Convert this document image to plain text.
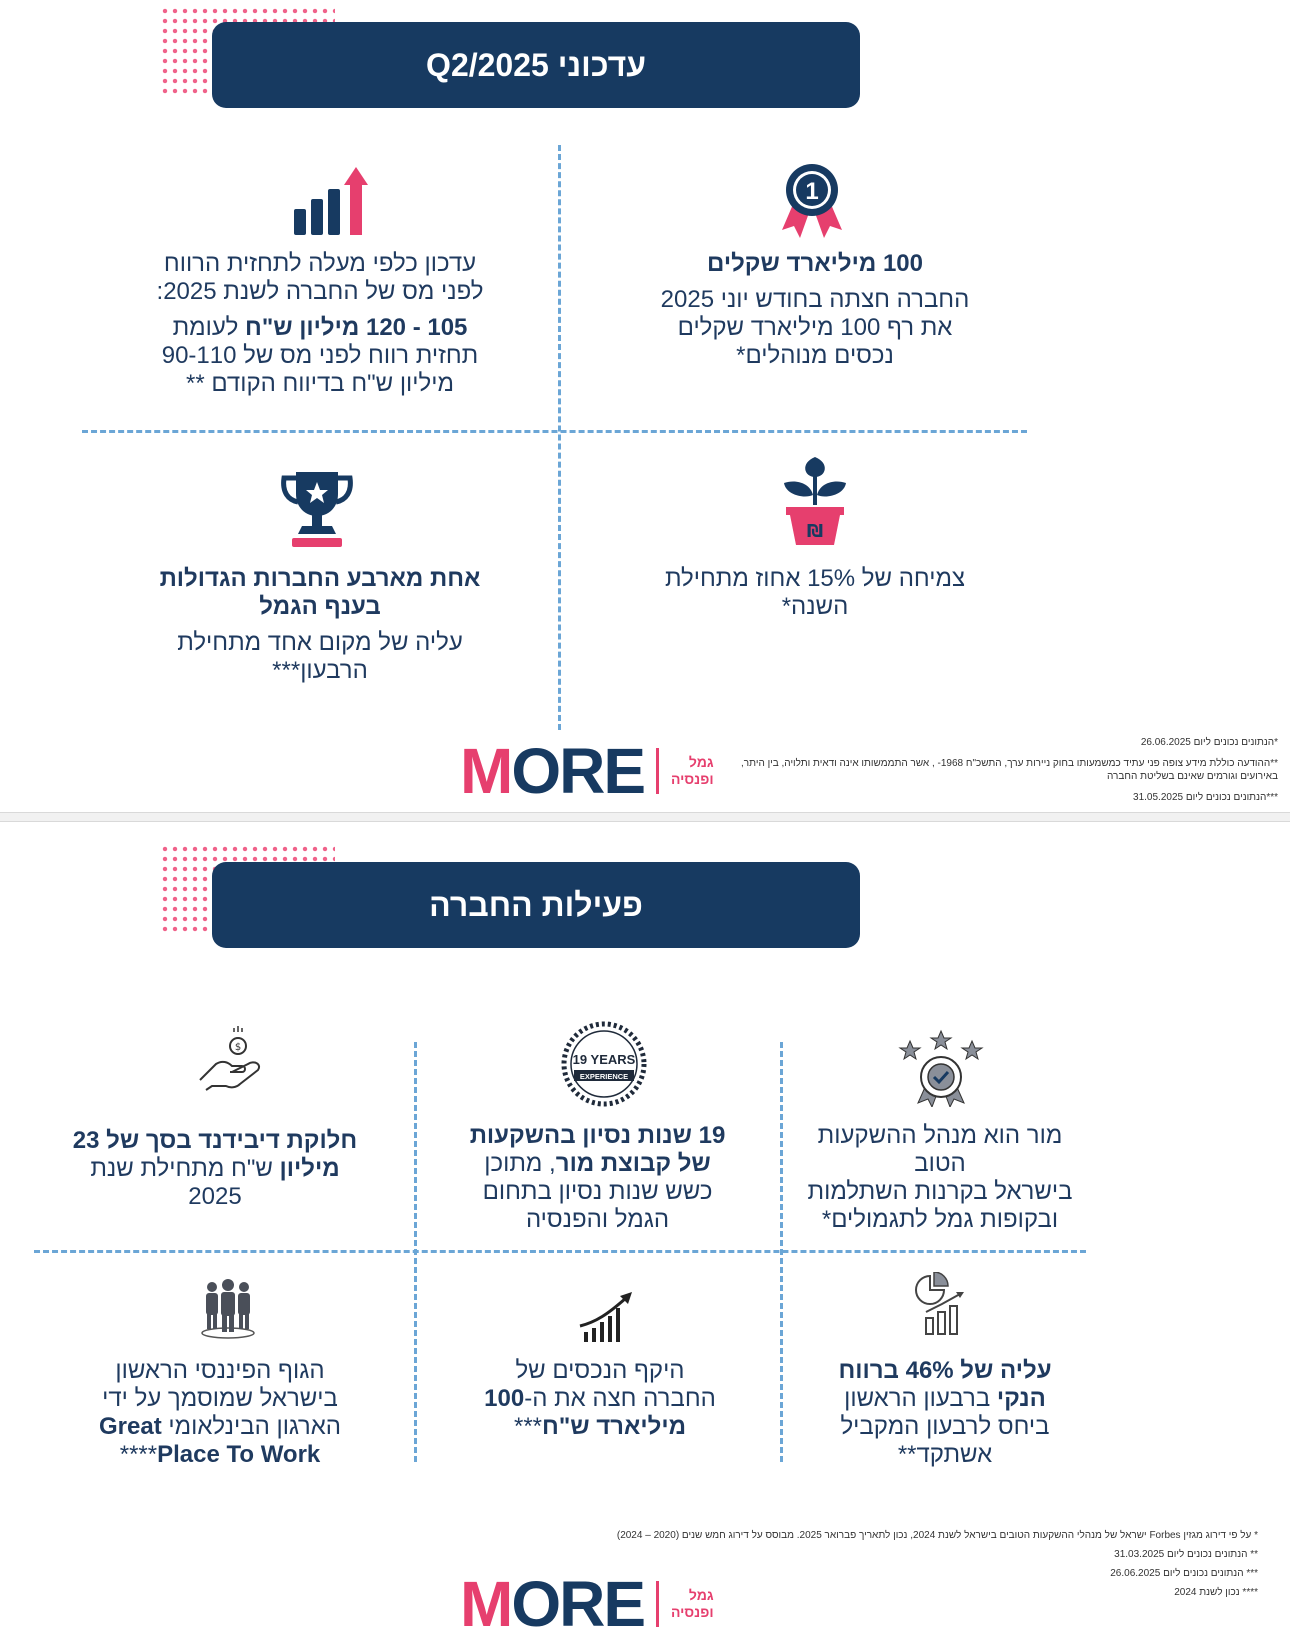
עדכוני Q2/2025
עדכון כלפי מעלה לתחזית הרווח
לפני מס של החברה לשנת 2025:
105 - 120 מיליון ש"ח לעומת
תחזית רווח לפני מס של 90-110
מיליון ש"ח בדיווח הקודם **
1
100 מיליארד שקלים
החברה חצתה בחודש יוני 2025
את רף 100 מיליארד שקלים
נכסים מנוהלים*
אחת מארבע החברות הגדולות
בענף הגמל
עליה של מקום אחד מתחילת
הרבעון***
₪
צמיחה של 15% אחוז מתחילת
השנה*
MORE	גמל
ופנסיה
*הנתונים נכונים ליום 26.06.2025
**ההודעה כוללת מידע צופה פני עתיד כמשמעותו בחוק ניירות ערך, התשכ"ח 1968- , אשר התממשותו אינה ודאית ותלויה, בין היתר,
באירועים וגורמים שאינם בשליטת החברה
***הנתונים נכונים ליום 31.05.2025
פעילות החברה
מור הוא מנהל ההשקעות הטוב
בישראל בקרנות השתלמות
ובקופות גמל לתגמולים*
19 YEARS
EXPERIENCE
19 שנות נסיון בהשקעות
של קבוצת מור, מתוכן
כשש שנות נסיון בתחום
הגמל והפנסיה
$
חלוקת דיבידנד בסך של 23
מיליון ש"ח מתחילת שנת
2025
עליה של 46% ברווח
הנקי ברבעון הראשון
ביחס לרבעון המקביל
אשתקד**
היקף הנכסים של
החברה חצה את ה-100
מיליארד ש"ח***
הגוף הפיננסי הראשון
בישראל שמוסמך על ידי
הארגון הבינלאומי Great
Place To Work****
* על פי דירוג מגזין Forbes ישראל של מנהלי ההשקעות הטובים בישראל לשנת 2024, נכון לתאריך פברואר 2025. מבוסס על דירוג חמש שנים (2020 – 2024)
** הנתונים נכונים ליום 31.03.2025
*** הנתונים נכונים ליום 26.06.2025
**** נכון לשנת 2024
MORE	גמל
ופנסיה
